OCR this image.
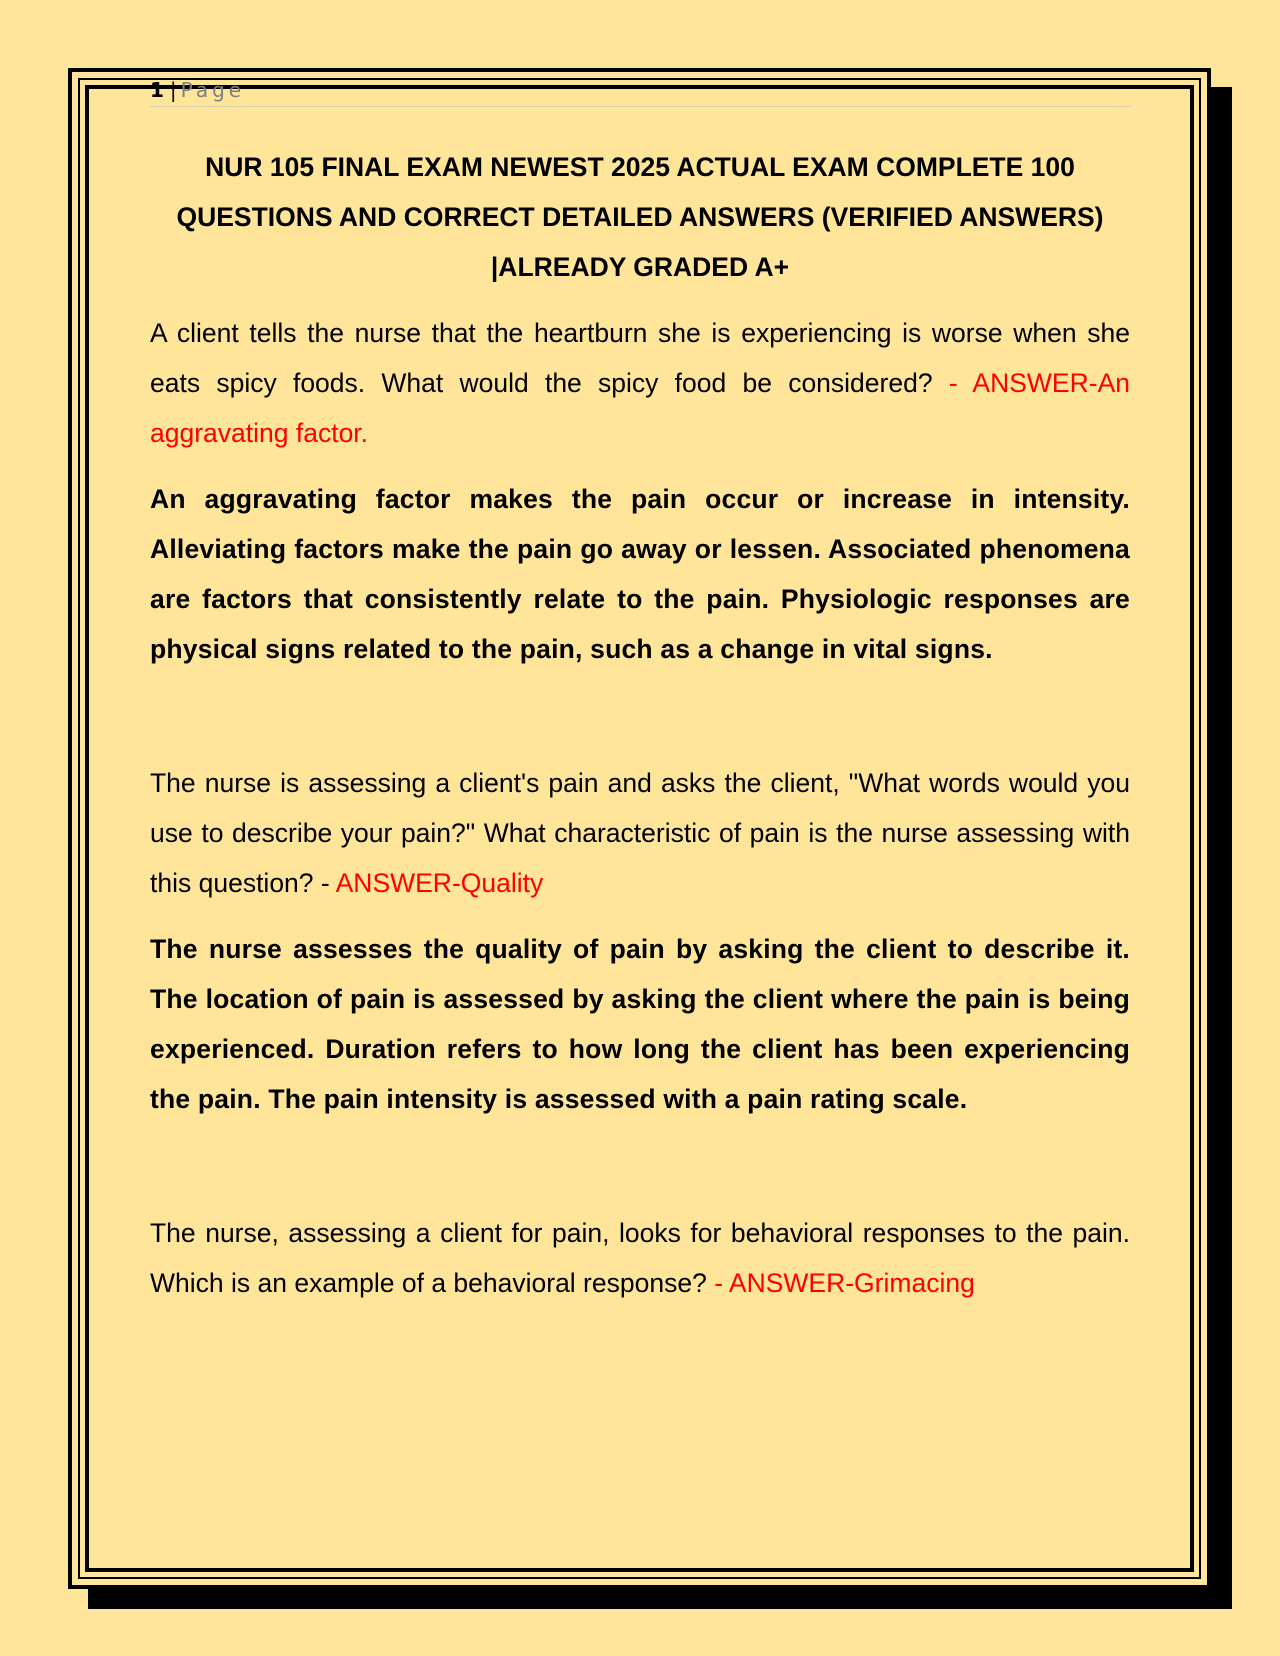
1 | Page
NUR 105 FINAL EXAM NEWEST 2025 ACTUAL EXAM COMPLETE 100 QUESTIONS AND CORRECT DETAILED ANSWERS (VERIFIED ANSWERS) |ALREADY GRADED A+

A client tells the nurse that the heartburn she is experiencing is worse when she eats spicy foods. What would the spicy food be considered? - ANSWER-An aggravating factor.

An aggravating factor makes the pain occur or increase in intensity. Alleviating factors make the pain go away or lessen. Associated phenomena are factors that consistently relate to the pain. Physiologic responses are physical signs related to the pain, such as a change in vital signs.

The nurse is assessing a client's pain and asks the client, "What words would you use to describe your pain?" What characteristic of pain is the nurse assessing with this question? - ANSWER-Quality

The nurse assesses the quality of pain by asking the client to describe it. The location of pain is assessed by asking the client where the pain is being experienced. Duration refers to how long the client has been experiencing the pain. The pain intensity is assessed with a pain rating scale.

The nurse, assessing a client for pain, looks for behavioral responses to the pain. Which is an example of a behavioral response? - ANSWER-Grimacing
